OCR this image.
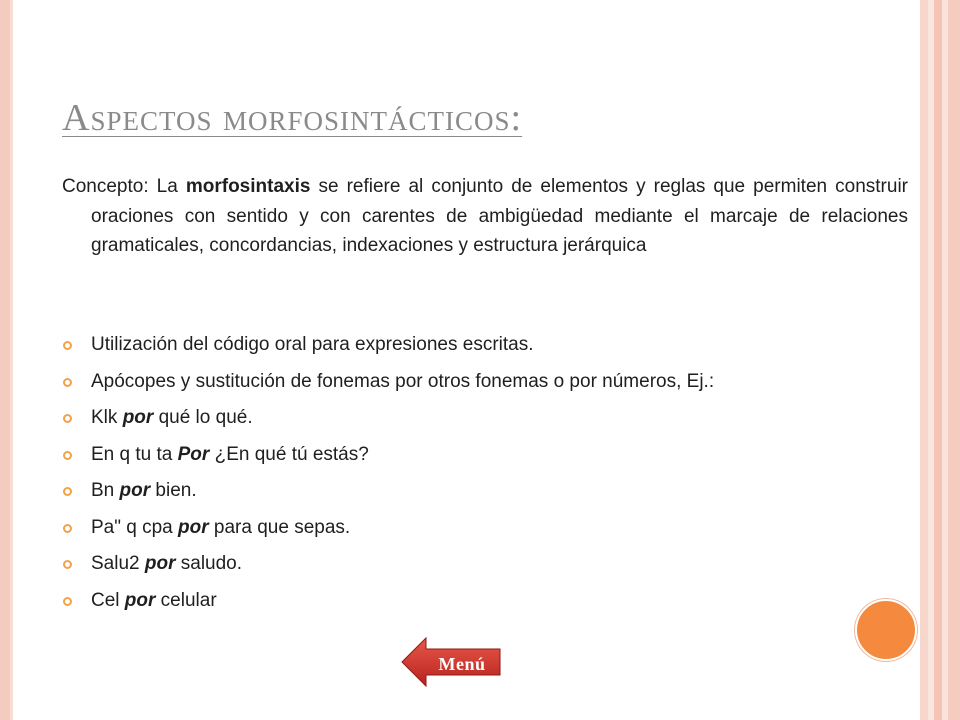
Aspectos morfosintácticos:
Concepto: La morfosintaxis se refiere al conjunto de elementos y reglas que permiten construir oraciones con sentido y con carentes de ambigüedad mediante el marcaje de relaciones gramaticales, concordancias, indexaciones y estructura jerárquica
Utilización del código oral para expresiones escritas.
Apócopes y sustitución de fonemas por otros fonemas o por números, Ej.:
Klk por qué lo qué.
En q tu ta Por ¿En qué tú estás?
Bn por bien.
Pa" q cpa por para que sepas.
Salu2 por saludo.
Cel por celular
Menú
